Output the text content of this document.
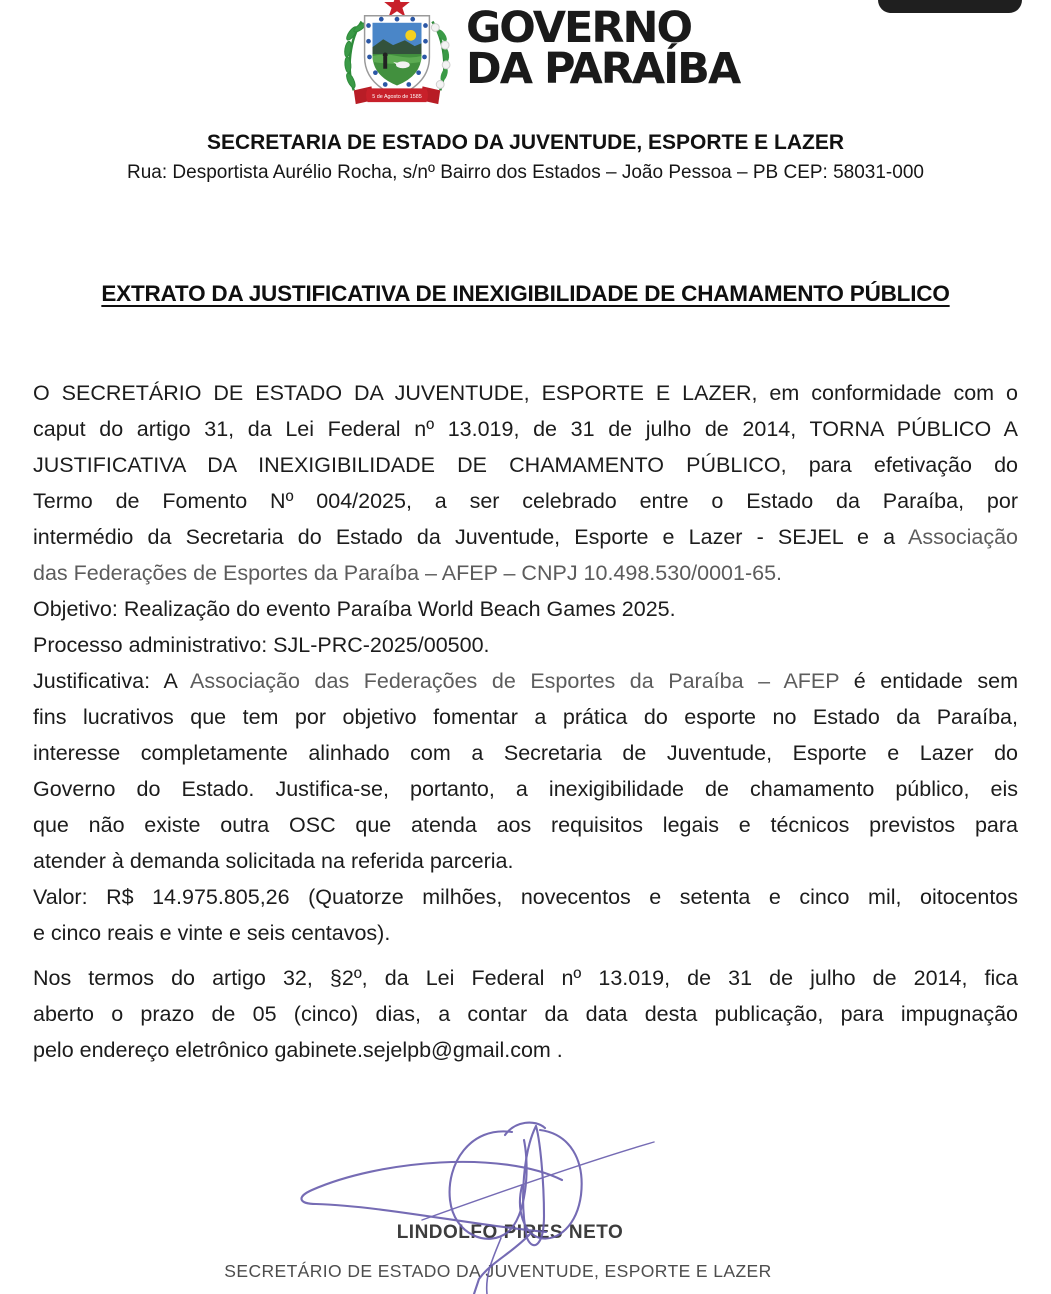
5 de Agosto de 1585
GOVERNO
DA PARAÍBA
SECRETARIA DE ESTADO DA JUVENTUDE, ESPORTE E LAZER
Rua: Desportista Aurélio Rocha, s/nº Bairro dos Estados – João Pessoa – PB CEP: 58031-000
EXTRATO DA JUSTIFICATIVA DE INEXIGIBILIDADE DE CHAMAMENTO PÚBLICO
O SECRETÁRIO DE ESTADO DA JUVENTUDE, ESPORTE E LAZER, em conformidade com o
caput do artigo 31, da Lei Federal nº 13.019, de 31 de julho de 2014, TORNA PÚBLICO A
JUSTIFICATIVA DA INEXIGIBILIDADE DE CHAMAMENTO PÚBLICO, para efetivação do
Termo de Fomento Nº 004/2025, a ser celebrado entre o Estado da Paraíba, por
intermédio da Secretaria do Estado da Juventude, Esporte e Lazer - SEJEL e a Associação
das Federações de Esportes da Paraíba – AFEP – CNPJ 10.498.530/0001-65.
Objetivo: Realização do evento Paraíba World Beach Games 2025.
Processo administrativo: SJL-PRC-2025/00500.
Justificativa: A Associação das Federações de Esportes da Paraíba – AFEP é entidade sem
fins lucrativos que tem por objetivo fomentar a prática do esporte no Estado da Paraíba,
interesse completamente alinhado com a Secretaria de Juventude, Esporte e Lazer do
Governo do Estado. Justifica-se, portanto, a inexigibilidade de chamamento público, eis
que não existe outra OSC que atenda aos requisitos legais e técnicos previstos para
atender à demanda solicitada na referida parceria.
Valor: R$ 14.975.805,26 (Quatorze milhões, novecentos e setenta e cinco mil, oitocentos
e cinco reais e vinte e seis centavos).
Nos termos do artigo 32, §2º, da Lei Federal nº 13.019, de 31 de julho de 2014, fica
aberto o prazo de 05 (cinco) dias, a contar da data desta publicação, para impugnação
pelo endereço eletrônico gabinete.sejelpb@gmail.com .
LINDOLFO PIRES NETO
SECRETÁRIO DE ESTADO DA JUVENTUDE, ESPORTE E LAZER
